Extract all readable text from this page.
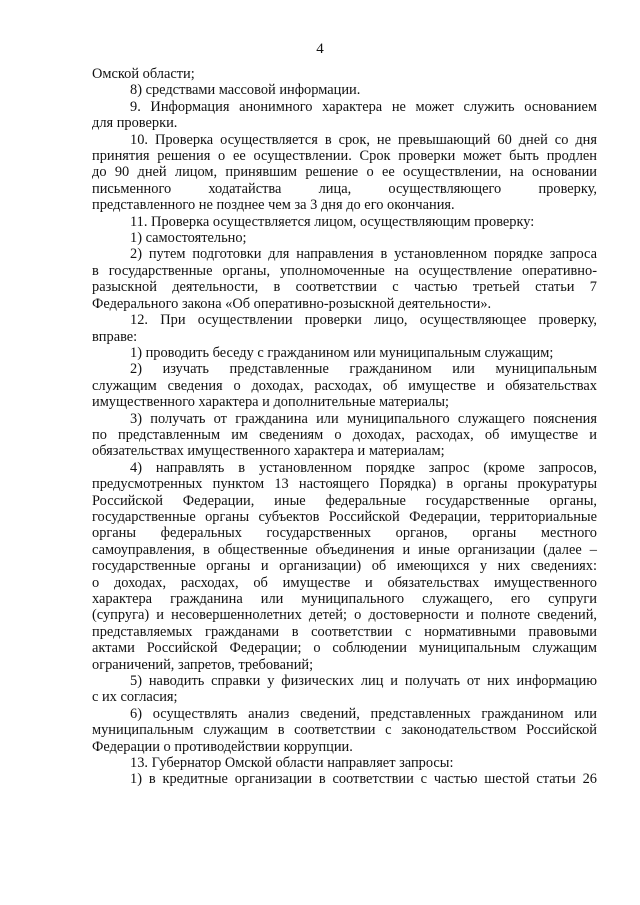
4
Омской области;
8) средствами массовой информации.
9. Информация анонимного характера не может служить основанием
для проверки.
10. Проверка осуществляется в срок, не превышающий 60 дней со дня
принятия решения о ее осуществлении. Срок проверки может быть продлен
до 90 дней лицом, принявшим решение о ее осуществлении, на основании
письменного ходатайства лица, осуществляющего проверку,
представленного не позднее чем за 3 дня до его окончания.
11. Проверка осуществляется лицом, осуществляющим проверку:
1) самостоятельно;
2) путем подготовки для направления в установленном порядке запроса
в государственные органы, уполномоченные на осуществление оперативно-
разыскной деятельности, в соответствии с частью третьей статьи 7
Федерального закона «Об оперативно-розыскной деятельности».
12. При осуществлении проверки лицо, осуществляющее проверку,
вправе:
1) проводить беседу с гражданином или муниципальным служащим;
2) изучать представленные гражданином или муниципальным
служащим сведения о доходах, расходах, об имуществе и обязательствах
имущественного характера и дополнительные материалы;
3) получать от гражданина или муниципального служащего пояснения
по представленным им сведениям о доходах, расходах, об имуществе и
обязательствах имущественного характера и материалам;
4) направлять в установленном порядке запрос (кроме запросов,
предусмотренных пунктом 13 настоящего Порядка) в органы прокуратуры
Российской Федерации, иные федеральные государственные органы,
государственные органы субъектов Российской Федерации, территориальные
органы федеральных государственных органов, органы местного
самоуправления, в общественные объединения и иные организации (далее –
государственные органы и организации) об имеющихся у них сведениях:
о доходах, расходах, об имуществе и обязательствах имущественного
характера гражданина или муниципального служащего, его супруги
(супруга) и несовершеннолетних детей; о достоверности и полноте сведений,
представляемых гражданами в соответствии с нормативными правовыми
актами Российской Федерации; о соблюдении муниципальным служащим
ограничений, запретов, требований;
5) наводить справки у физических лиц и получать от них информацию
с их согласия;
6) осуществлять анализ сведений, представленных гражданином или
муниципальным служащим в соответствии с законодательством Российской
Федерации о противодействии коррупции.
13. Губернатор Омской области направляет запросы:
1) в кредитные организации в соответствии с частью шестой статьи 26
